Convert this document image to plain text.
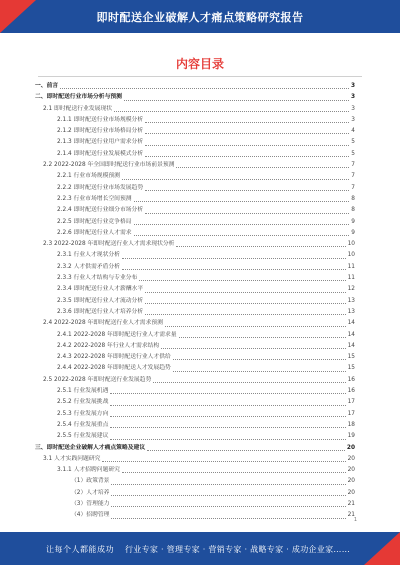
即时配送企业破解人才痛点策略研究报告
内容目录
一、前言	3
二、即时配送行业市场分析与预测	3
2.1 即时配送行业发展现状	3
2.1.1 即时配送行业市场规模分析	3
2.1.2 即时配送行业市场格局分析	4
2.1.3 即时配送行业用户需求分析	5
2.1.4 即时配送行业发展模式分析	5
2.2 2022-2028 年全国即时配送行业市场前景预测	7
2.2.1 行业市场规模预测	7
2.2.2 即时配送行业市场发展趋势	7
2.2.3 行业市场增长空间预测	8
2.2.4 即时配送行业细分市场分析	8
2.2.5 即时配送行业竞争格局	9
2.2.6 即时配送行业人才需求	9
2.3 2022-2028 年即时配送行业人才需求现状分析	10
2.3.1 行业人才现状分析	10
2.3.2 人才供需矛盾分析	11
2.3.3 行业人才结构与专业分布	11
2.3.4 即时配送行业人才薪酬水平	12
2.3.5 即时配送行业人才流动分析	13
2.3.6 即时配送行业人才培养分析	13
2.4 2022-2028 年即时配送行业人才需求预测	14
2.4.1 2022-2028 年即时配送行业人才需求量	14
2.4.2 2022-2028 年行业人才需求结构	14
2.4.3 2022-2028 年即时配送行业人才供给	15
2.4.4 2022-2028 年即时配送人才发展趋势	15
2.5 2022-2028 年即时配送行业发展趋势	16
2.5.1 行业发展机遇	16
2.5.2 行业发展挑战	17
2.5.3 行业发展方向	17
2.5.4 行业发展重点	18
2.5.5 行业发展建议	19
三、即时配送企业破解人才痛点策略及建议	20
3.1 人才实践问题研究	20
3.1.1 人才招聘问题研究	20
（1）政策背景	20
（2）人才培养	20
（3）管理能力	21
（4）招聘管理	21
1
让每个人都能成功 行业专家 · 管理专家 · 营销专家 · 战略专家 · 成功企业家……
